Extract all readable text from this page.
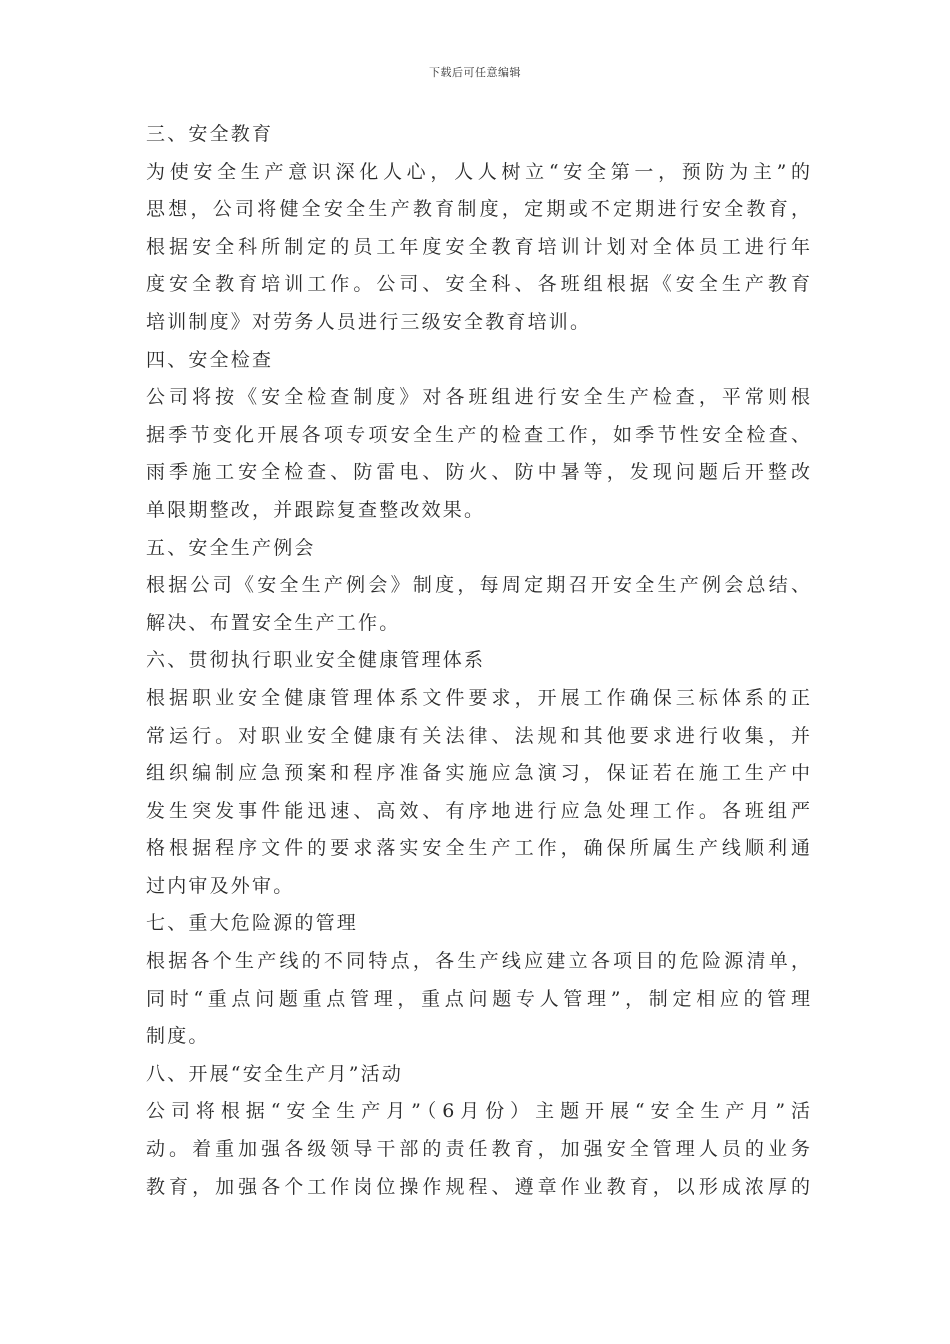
下载后可任意编辑
三、安全教育
为使安全生产意识深化人心，人人树立“安全第一，预防为主”的
思想，公司将健全安全生产教育制度，定期或不定期进行安全教育，
根据安全科所制定的员工年度安全教育培训计划对全体员工进行年
度安全教育培训工作。公司、安全科、各班组根据《安全生产教育
培训制度》对劳务人员进行三级安全教育培训。
四、安全检查
公司将按《安全检查制度》对各班组进行安全生产检查，平常则根
据季节变化开展各项专项安全生产的检查工作，如季节性安全检查、
雨季施工安全检查、防雷电、防火、防中暑等，发现问题后开整改
单限期整改，并跟踪复查整改效果。
五、安全生产例会
根据公司《安全生产例会》制度，每周定期召开安全生产例会总结、
解决、布置安全生产工作。
六、贯彻执行职业安全健康管理体系
根据职业安全健康管理体系文件要求，开展工作确保三标体系的正
常运行。对职业安全健康有关法律、法规和其他要求进行收集，并
组织编制应急预案和程序准备实施应急演习，保证若在施工生产中
发生突发事件能迅速、高效、有序地进行应急处理工作。各班组严
格根据程序文件的要求落实安全生产工作，确保所属生产线顺利通
过内审及外审。
七、重大危险源的管理
根据各个生产线的不同特点，各生产线应建立各项目的危险源清单，
同时“重点问题重点管理，重点问题专人管理”，制定相应的管理
制度。
八、开展“安全生产月”活动
公司将根据“安全生产月”（6月份）主题开展“安全生产月”活
动。着重加强各级领导干部的责任教育，加强安全管理人员的业务
教育，加强各个工作岗位操作规程、遵章作业教育，以形成浓厚的
